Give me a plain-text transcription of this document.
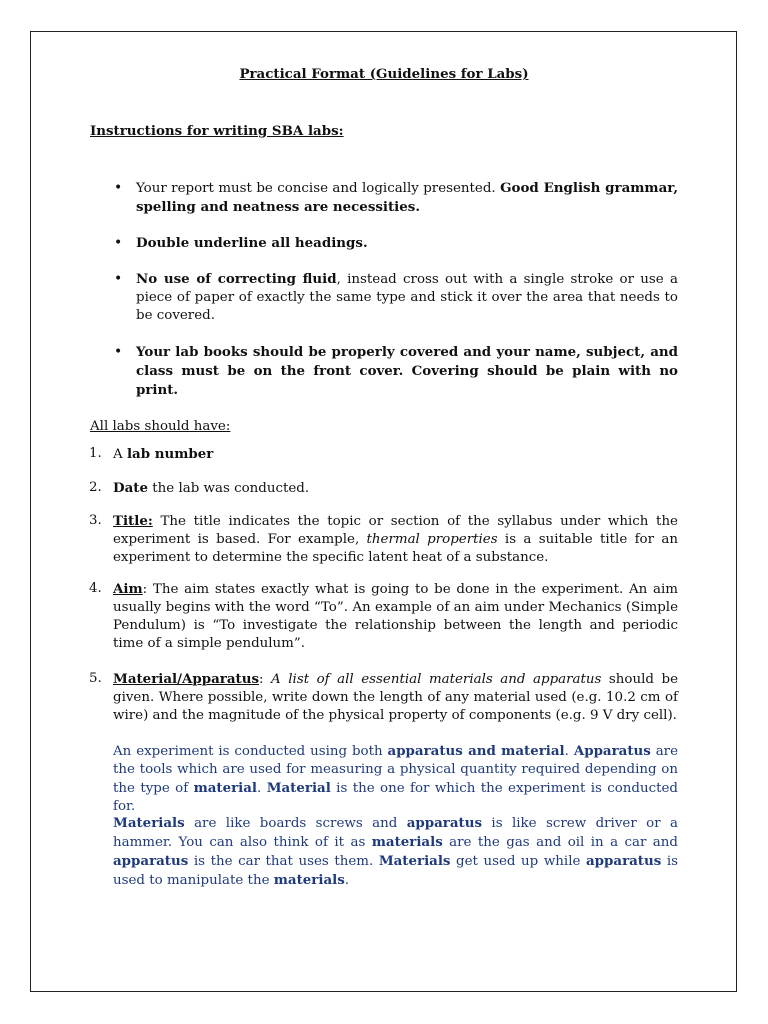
Practical Format (Guidelines for Labs)
Instructions for writing SBA labs:
• Your report must be concise and logically presented. Good English grammar, spelling and neatness are necessities.
• Double underline all headings.
• No use of correcting fluid, instead cross out with a single stroke or use a piece of paper of exactly the same type and stick it over the area that needs to be covered.
• Your lab books should be properly covered and your name, subject, and class must be on the front cover. Covering should be plain with no print.
All labs should have:
1. A lab number
2. Date the lab was conducted.
3. Title: The title indicates the topic or section of the syllabus under which the experiment is based. For example, thermal properties is a suitable title for an experiment to determine the specific latent heat of a substance.
4. Aim: The aim states exactly what is going to be done in the experiment. An aim usually begins with the word “To”. An example of an aim under Mechanics (Simple Pendulum) is “To investigate the relationship between the length and periodic time of a simple pendulum”.
5. Material/Apparatus: A list of all essential materials and apparatus should be given. Where possible, write down the length of any material used (e.g. 10.2 cm of wire) and the magnitude of the physical property of components (e.g. 9 V dry cell).
An experiment is conducted using both apparatus and material. Apparatus are the tools which are used for measuring a physical quantity required depending on the type of material. Material is the one for which the experiment is conducted for.
Materials are like boards screws and apparatus is like screw driver or a hammer. You can also think of it as materials are the gas and oil in a car and apparatus is the car that uses them. Materials get used up while apparatus is used to manipulate the materials.
